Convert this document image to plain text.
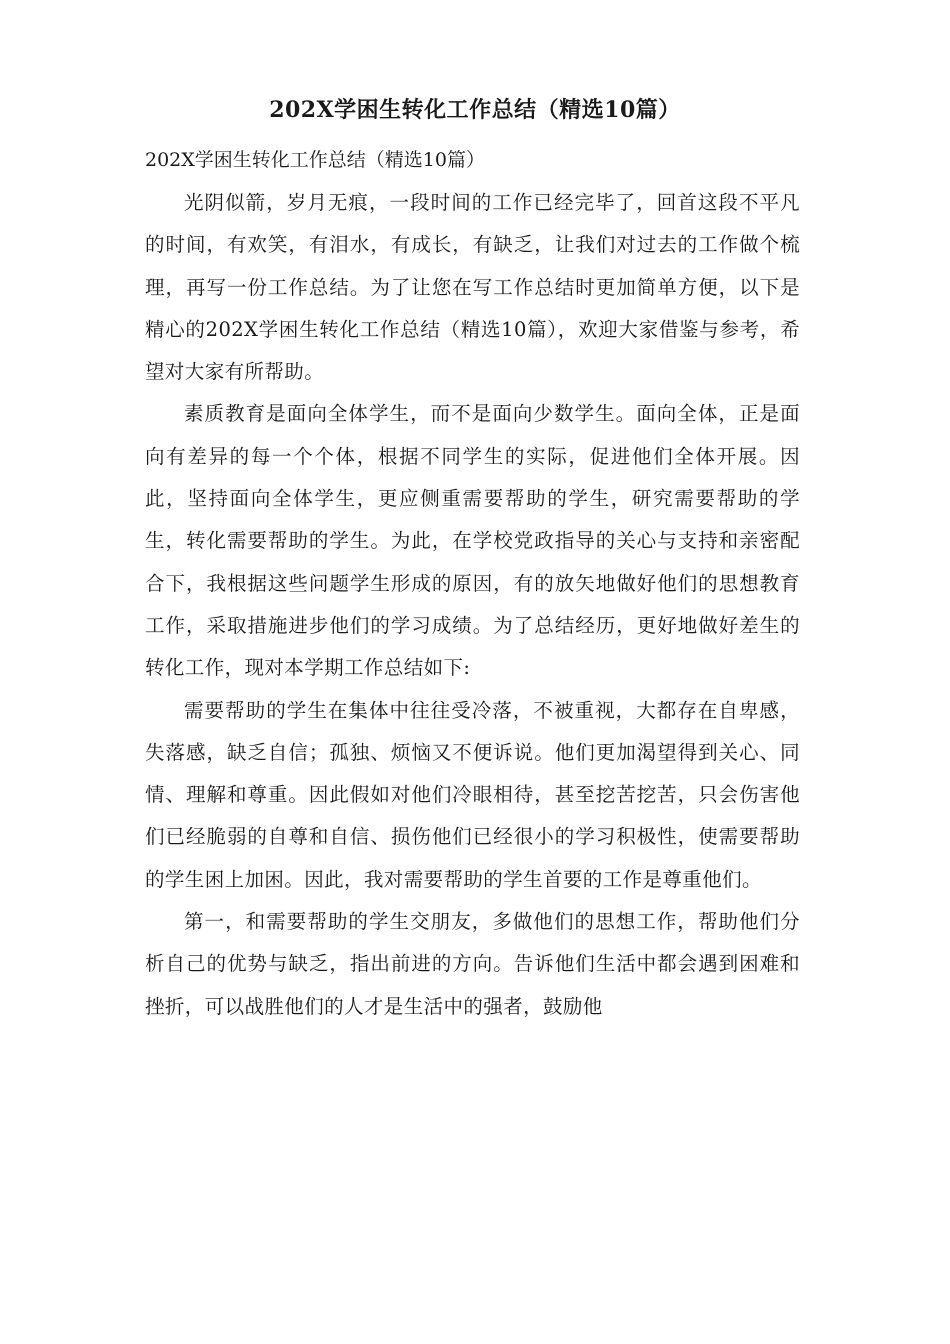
202X学困生转化工作总结（精选10篇）
202X学困生转化工作总结（精选10篇）

光阴似箭，岁月无痕，一段时间的工作已经完毕了，回首这段不平凡的时间，有欢笑，有泪水，有成长，有缺乏，让我们对过去的工作做个梳理，再写一份工作总结。为了让您在写工作总结时更加简单方便，以下是精心的202X学困生转化工作总结（精选10篇），欢迎大家借鉴与参考，希望对大家有所帮助。

素质教育是面向全体学生，而不是面向少数学生。面向全体，正是面向有差异的每一个个体，根据不同学生的实际，促进他们全体开展。因此，坚持面向全体学生，更应侧重需要帮助的学生，研究需要帮助的学生，转化需要帮助的学生。为此，在学校党政指导的关心与支持和亲密配合下，我根据这些问题学生形成的原因，有的放矢地做好他们的思想教育工作，采取措施进步他们的学习成绩。为了总结经历，更好地做好差生的转化工作，现对本学期工作总结如下:

需要帮助的学生在集体中往往受冷落，不被重视，大都存在自卑感，失落感，缺乏自信；孤独、烦恼又不便诉说。他们更加渴望得到关心、同情、理解和尊重。因此假如对他们冷眼相待，甚至挖苦挖苦，只会伤害他们已经脆弱的自尊和自信、损伤他们已经很小的学习积极性，使需要帮助的学生困上加困。因此，我对需要帮助的学生首要的工作是尊重他们。

第一，和需要帮助的学生交朋友，多做他们的思想工作，帮助他们分析自己的优势与缺乏，指出前进的方向。告诉他们生活中都会遇到困难和挫折，可以战胜他们的人才是生活中的强者，鼓励他
